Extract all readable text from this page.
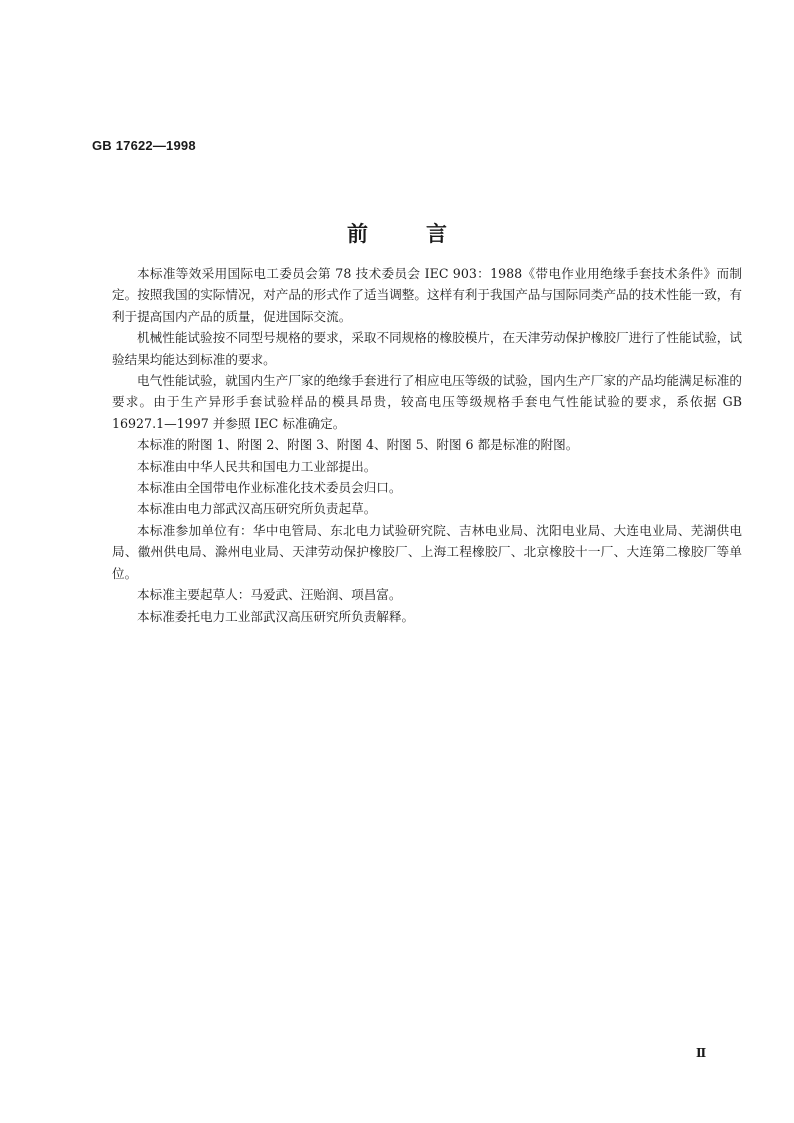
GB 17622—1998
前言

本标准等效采用国际电工委员会第 78 技术委员会 IEC 903：1988《带电作业用绝缘手套技术条件》而制定。按照我国的实际情况，对产品的形式作了适当调整。这样有利于我国产品与国际同类产品的技术性能一致，有利于提高国内产品的质量，促进国际交流。

机械性能试验按不同型号规格的要求，采取不同规格的橡胶模片，在天津劳动保护橡胶厂进行了性能试验，试验结果均能达到标准的要求。

电气性能试验，就国内生产厂家的绝缘手套进行了相应电压等级的试验，国内生产厂家的产品均能满足标准的要求。由于生产异形手套试验样品的模具昂贵，较高电压等级规格手套电气性能试验的要求，系依据 GB 16927.1—1997 并参照 IEC 标准确定。

本标准的附图 1、附图 2、附图 3、附图 4、附图 5、附图 6 都是标准的附图。

本标准由中华人民共和国电力工业部提出。

本标准由全国带电作业标准化技术委员会归口。

本标准由电力部武汉高压研究所负责起草。

本标准参加单位有：华中电管局、东北电力试验研究院、吉林电业局、沈阳电业局、大连电业局、芜湖供电局、徽州供电局、滁州电业局、天津劳动保护橡胶厂、上海工程橡胶厂、北京橡胶十一厂、大连第二橡胶厂等单位。

本标准主要起草人：马爱武、汪贻润、项昌富。

本标准委托电力工业部武汉高压研究所负责解释。

Ⅱ
